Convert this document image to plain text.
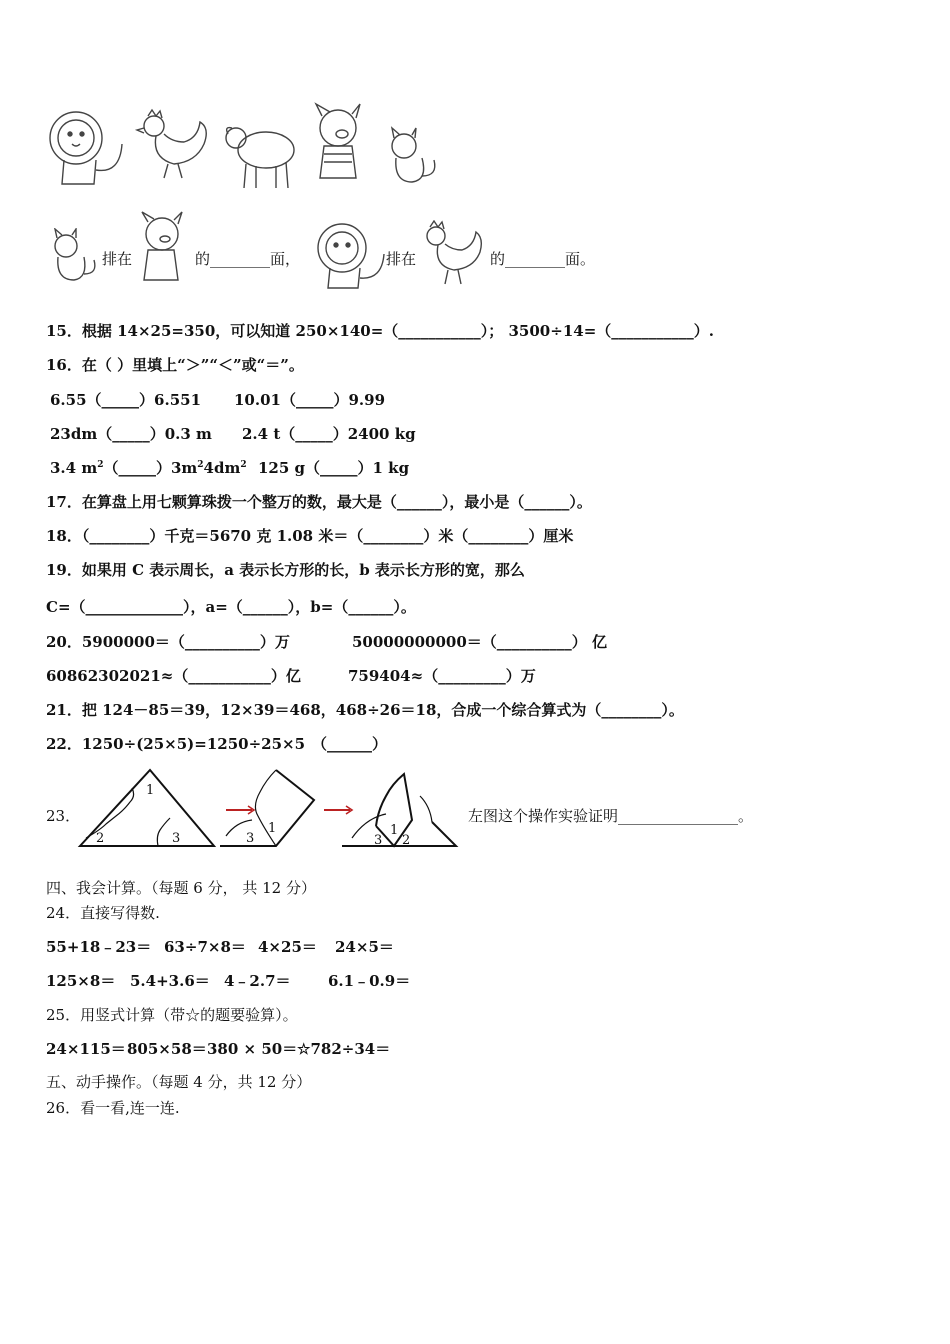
排在	的________面，	排在	的________面。
15．根据 14×25=350，可以知道 250×140=（___________）； 3500÷14=（___________）.
16．在（ ）里填上“＞”“＜”或“＝”。
6.55（_____）6.551 10.01（_____）9.99
23dm（_____）0.3 m 2.4 t（_____）2400 kg
3.4 $m^2(\_\_\_\_\_)3m^24dm^2$ 125 g（_____）1 kg
17．在算盘上用七颗算珠拨一个整万的数，最大是（______），最小是（______）。
18．（________）千克＝5670 克 1.08 米＝（________）米（________）厘米
19．如果用 C 表示周长，a 表示长方形的长，b 表示长方形的宽，那么
C=（_____________），a=（______），b=（______）。
20．5900000＝（__________）万	50000000000＝（__________） 亿
60862302021≈（___________）亿	759404≈（_________）万
21．把 124－85＝39，12×39＝468，468÷26＝18，合成一个综合算式为（________）。
22．1250÷(25×5)=1250÷25×5 （______）
23．
1
2	3
1
3	3
1
2
左图这个操作实验证明________________。
四、我会计算。（每题 6 分， 共 12 分）
24．直接写得数.
55+18﹣23＝ 63÷7×8＝ 4×25＝ 24×5＝
125×8＝ 5.4+3.6＝ 4﹣2.7＝ 6.1﹣0.9＝
25．用竖式计算（带☆的题要验算）。
24×115＝ 805×58＝ 380 × 50＝ ☆782÷34＝
五、动手操作。（每题 4 分，共 12 分）
26．看一看,连一连.
